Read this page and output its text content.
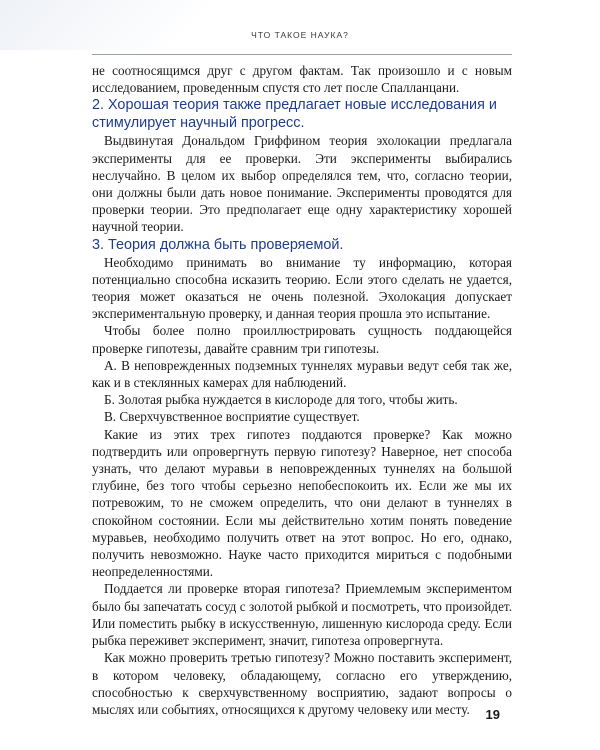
ЧТО ТАКОЕ НАУКА?

не соотносящимся друг с другом фактам. Так произошло и с новым исследованием, проведенным спустя сто лет после Спалланцани.

2. Хорошая теория также предлагает новые исследования и стимулирует научный прогресс.

Выдвинутая Дональдом Гриффином теория эхолокации предлагала эксперименты для ее проверки. Эти эксперименты выбирались неслучайно. В целом их выбор определялся тем, что, согласно теории, они должны были дать новое понимание. Эксперименты проводятся для проверки теории. Это предполагает еще одну характеристику хорошей научной теории.

3. Теория должна быть проверяемой.

Необходимо принимать во внимание ту информацию, которая потенциально способна исказить теорию. Если этого сделать не удается, теория может оказаться не очень полезной. Эхолокация допускает экспериментальную проверку, и данная теория прошла это испытание.

Чтобы более полно проиллюстрировать сущность поддающейся проверке гипотезы, давайте сравним три гипотезы.

А. В неповрежденных подземных туннелях муравьи ведут себя так же, как и в стеклянных камерах для наблюдений.

Б. Золотая рыбка нуждается в кислороде для того, чтобы жить.

В. Сверхчувственное восприятие существует.

Какие из этих трех гипотез поддаются проверке? Как можно подтвердить или опровергнуть первую гипотезу? Наверное, нет способа узнать, что делают муравьи в неповрежденных туннелях на большой глубине, без того чтобы серьезно непобеспокоить их. Если же мы их потревожим, то не сможем определить, что они делают в туннелях в спокойном состоянии. Если мы действительно хотим понять поведение муравьев, необходимо получить ответ на этот вопрос. Но его, однако, получить невозможно. Науке часто приходится мириться с подобными неопределенностями.

Поддается ли проверке вторая гипотеза? Приемлемым экспериментом было бы запечатать сосуд с золотой рыбкой и посмотреть, что произойдет. Или поместить рыбку в искусственную, лишенную кислорода среду. Если рыбка переживет эксперимент, значит, гипотеза опровергнута.

Как можно проверить третью гипотезу? Можно поставить эксперимент, в котором человеку, обладающему, согласно его утверждению, способностью к сверхчувственному восприятию, задают вопросы о мыслях или событиях, относящихся к другому человеку или месту.	19
